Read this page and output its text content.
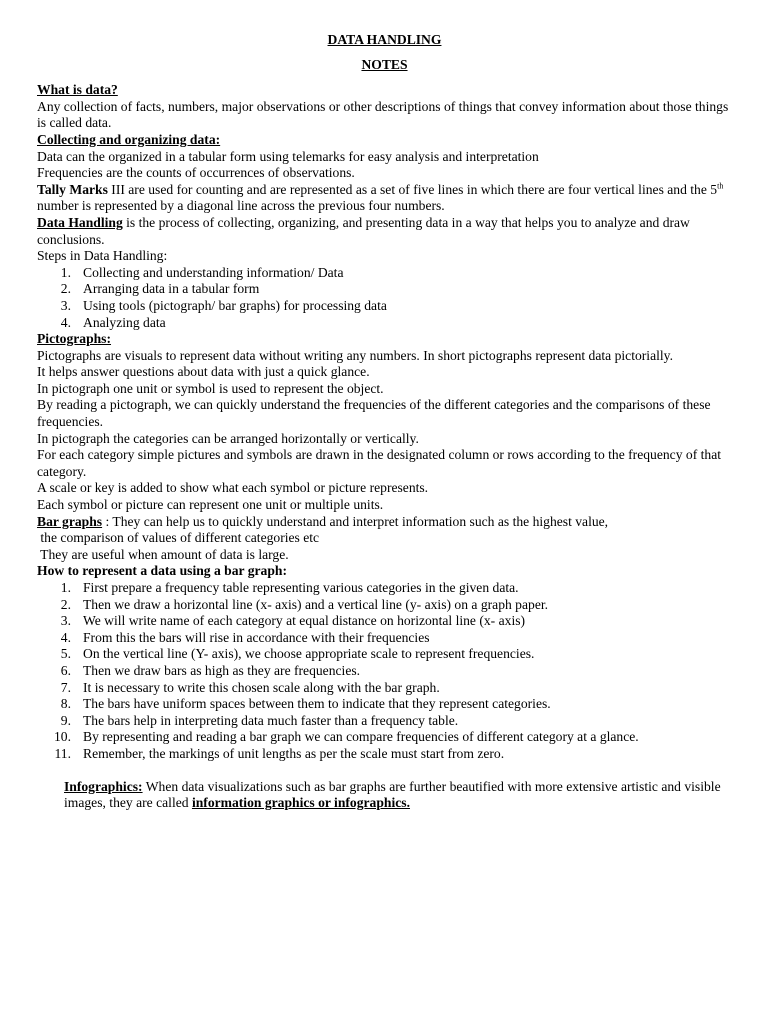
DATA HANDLING
NOTES
What is data?
Any collection of facts, numbers, major observations or other descriptions of things that convey information about those things is called data.
Collecting and organizing data:
Data can the organized in a tabular form using telemarks for easy analysis and interpretation
Frequencies are the counts of occurrences of observations.
Tally Marks III are used for counting and are represented as a set of five lines in which there are four vertical lines and the 5th number is represented by a diagonal line across the previous four numbers.
Data Handling is the process of collecting, organizing, and presenting data in a way that helps you to analyze and draw conclusions.
Steps in Data Handling:
1. Collecting and understanding information/ Data
2. Arranging data in a tabular form
3. Using tools (pictograph/ bar graphs) for processing data
4. Analyzing data
Pictographs:
Pictographs are visuals to represent data without writing any numbers. In short pictographs represent data pictorially.
It helps answer questions about data with just a quick glance.
In pictograph one unit or symbol is used to represent the object.
By reading a pictograph, we can quickly understand the frequencies of the different categories and the comparisons of these frequencies.
In pictograph the categories can be arranged horizontally or vertically.
For each category simple pictures and symbols are drawn in the designated column or rows according to the frequency of that category.
A scale or key is added to show what each symbol or picture represents.
Each symbol or picture can represent one unit or multiple units.
Bar graphs : They can help us to quickly understand and interpret information such as the highest value,
the comparison of values of different categories etc
They are useful when amount of data is large.
How to represent a data using a bar graph:
1. First prepare a frequency table representing various categories in the given data.
2. Then we draw a horizontal line (x- axis) and a vertical line (y- axis) on a graph paper.
3. We will write name of each category at equal distance on horizontal line (x- axis)
4. From this the bars will rise in accordance with their frequencies
5. On the vertical line (Y- axis), we choose appropriate scale to represent frequencies.
6. Then we draw bars as high as they are frequencies.
7. It is necessary to write this chosen scale along with the bar graph.
8. The bars have uniform spaces between them to indicate that they represent categories.
9. The bars help in interpreting data much faster than a frequency table.
10. By representing and reading a bar graph we can compare frequencies of different category at a glance.
11. Remember, the markings of unit lengths as per the scale must start from zero.
Infographics: When data visualizations such as bar graphs are further beautified with more extensive artistic and visible images, they are called information graphics or infographics.
